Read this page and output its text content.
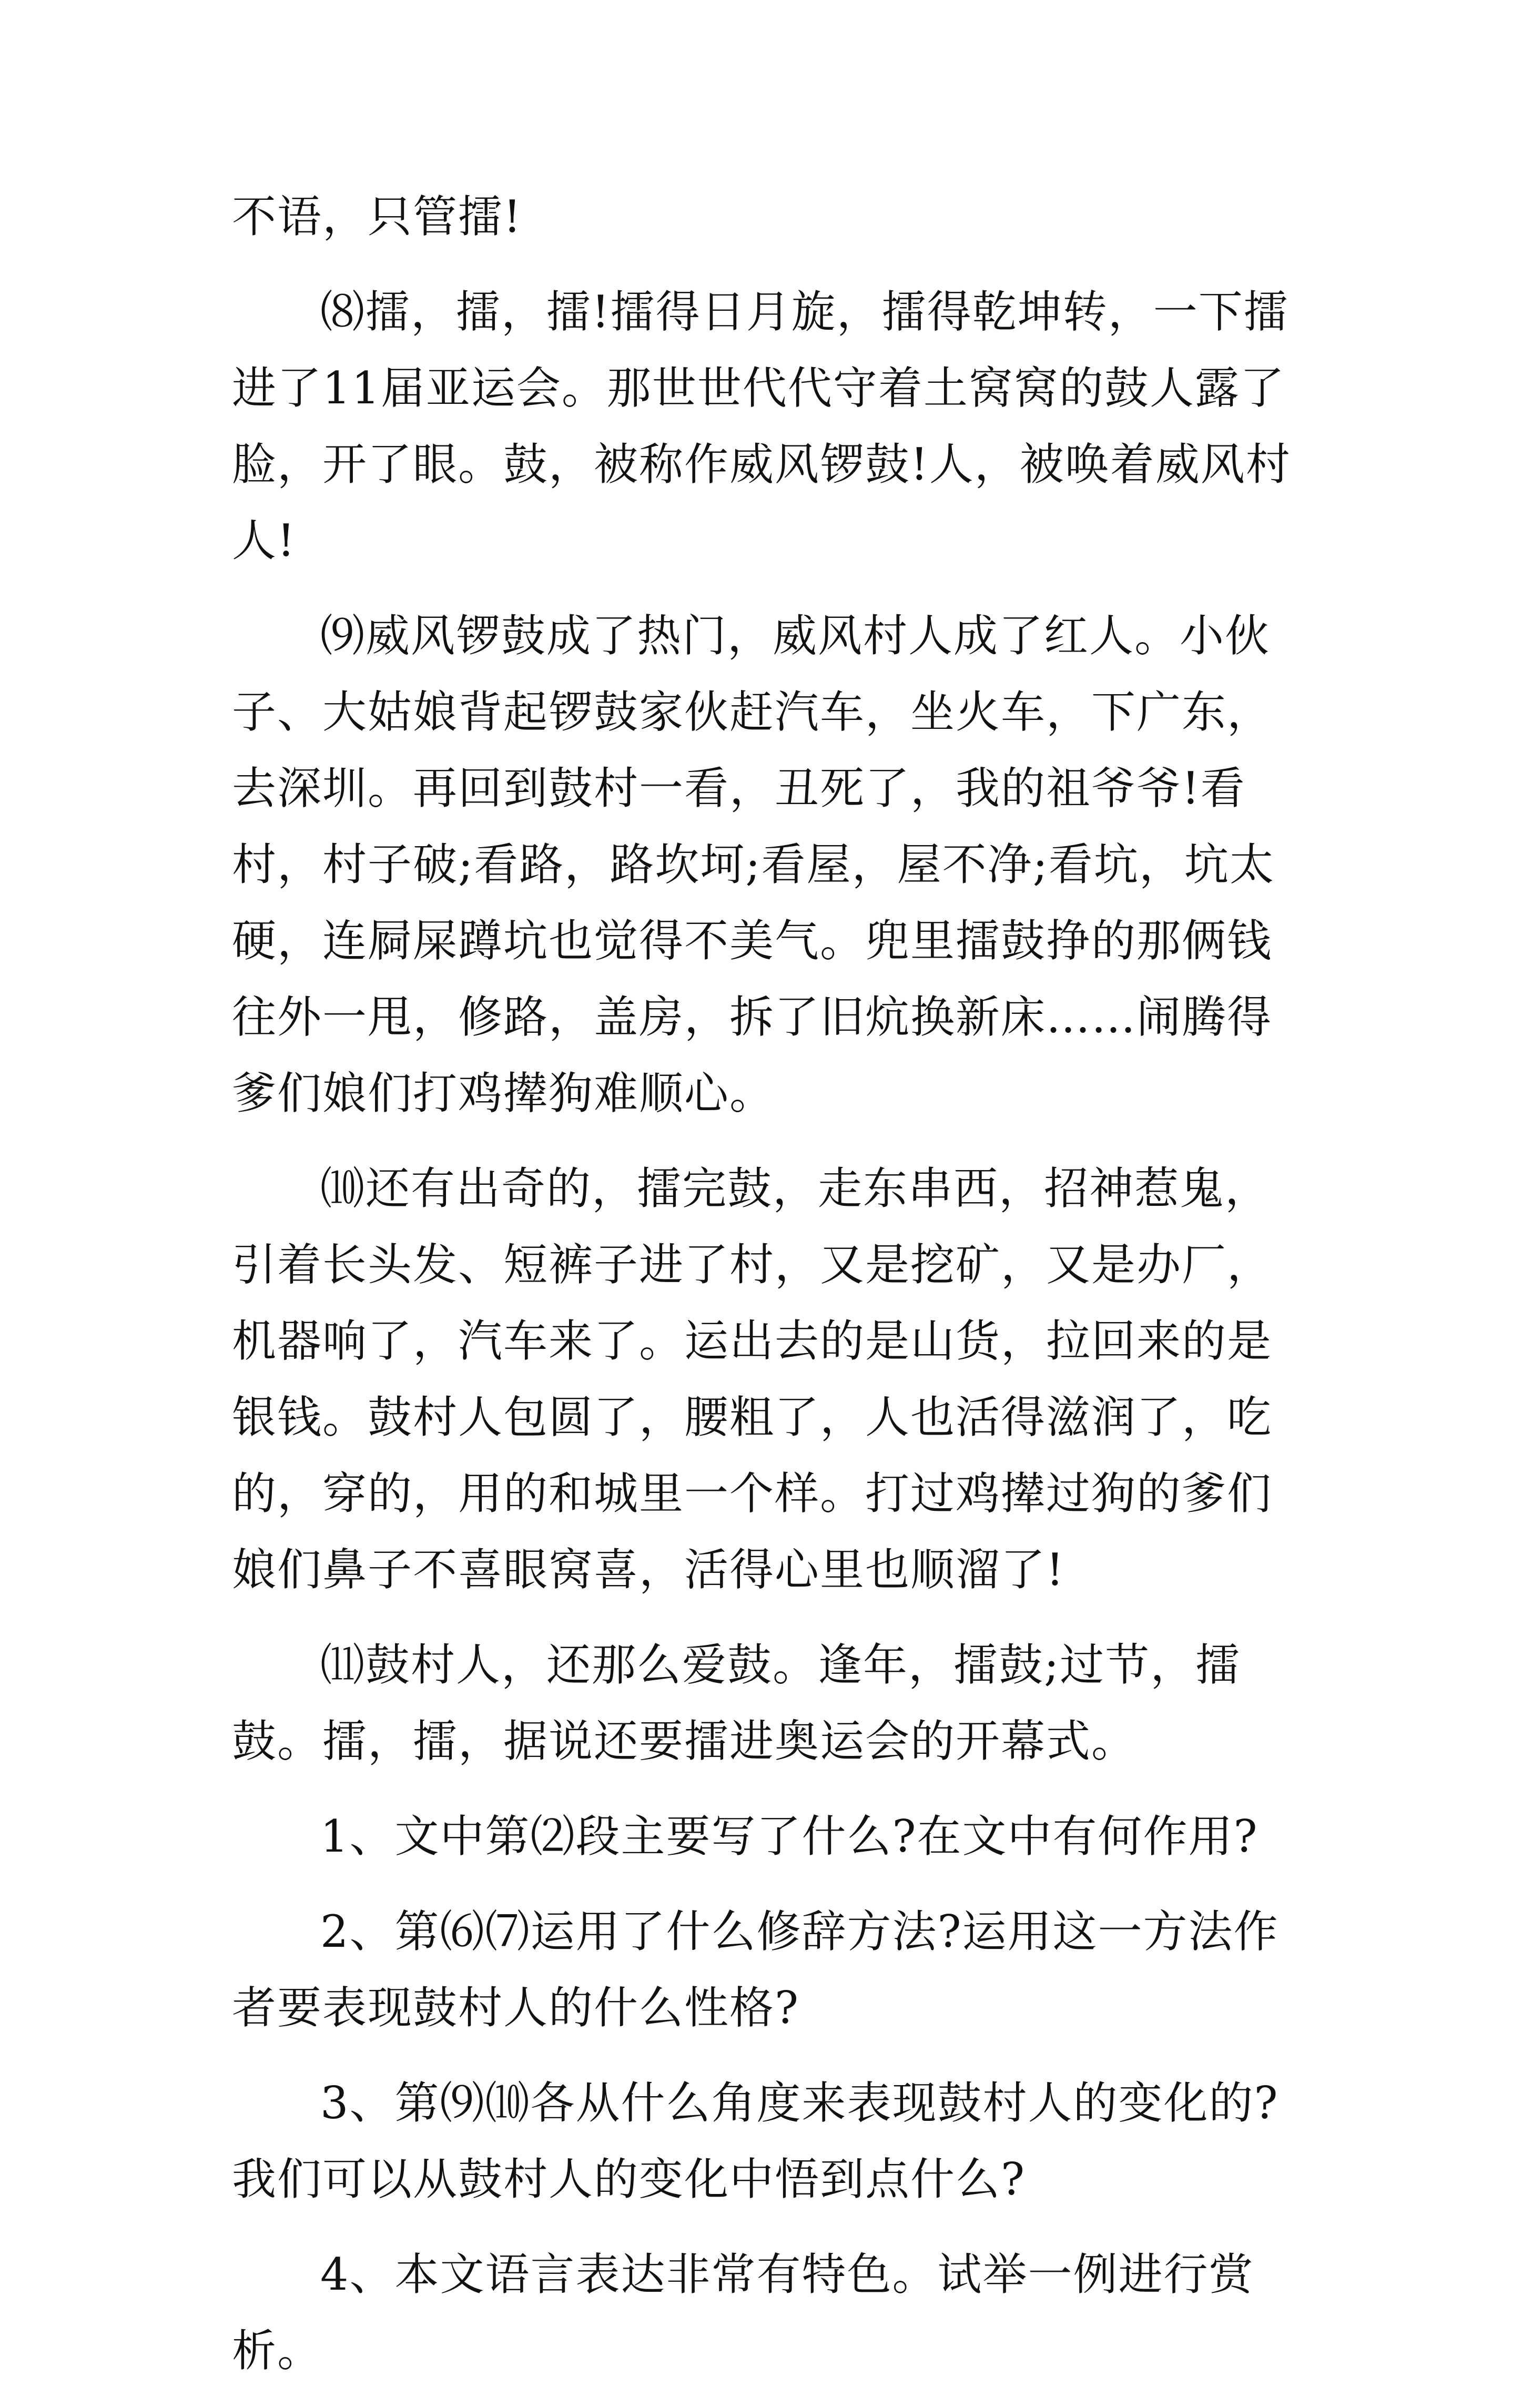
不语，只管擂!

⑻擂，擂，擂!擂得日月旋，擂得乾坤转，一下擂进了11届亚运会。那世世代代守着土窝窝的鼓人露了脸，开了眼。鼓，被称作威风锣鼓!人，被唤着威风村人!

⑼威风锣鼓成了热门，威风村人成了红人。小伙子、大姑娘背起锣鼓家伙赶汽车，坐火车，下广东，去深圳。再回到鼓村一看，丑死了，我的祖爷爷!看村，村子破;看路，路坎坷;看屋，屋不净;看坑，坑太硬，连屙屎蹲坑也觉得不美气。兜里擂鼓挣的那俩钱往外一甩，修路，盖房，拆了旧炕换新床……闹腾得爹们娘们打鸡撵狗难顺心。

⑽还有出奇的，擂完鼓，走东串西，招神惹鬼，引着长头发、短裤子进了村，又是挖矿，又是办厂，机器响了，汽车来了。运出去的是山货，拉回来的是银钱。鼓村人包圆了，腰粗了，人也活得滋润了，吃的，穿的，用的和城里一个样。打过鸡撵过狗的爹们娘们鼻子不喜眼窝喜，活得心里也顺溜了!

⑾鼓村人，还那么爱鼓。逢年，擂鼓;过节，擂鼓。擂，擂，据说还要擂进奥运会的开幕式。

1、文中第⑵段主要写了什么?在文中有何作用?

2、第⑹⑺运用了什么修辞方法?运用这一方法作者要表现鼓村人的什么性格?

3、第⑼⑽各从什么角度来表现鼓村人的变化的?我们可以从鼓村人的变化中悟到点什么?

4、本文语言表达非常有特色。试举一例进行赏析。
